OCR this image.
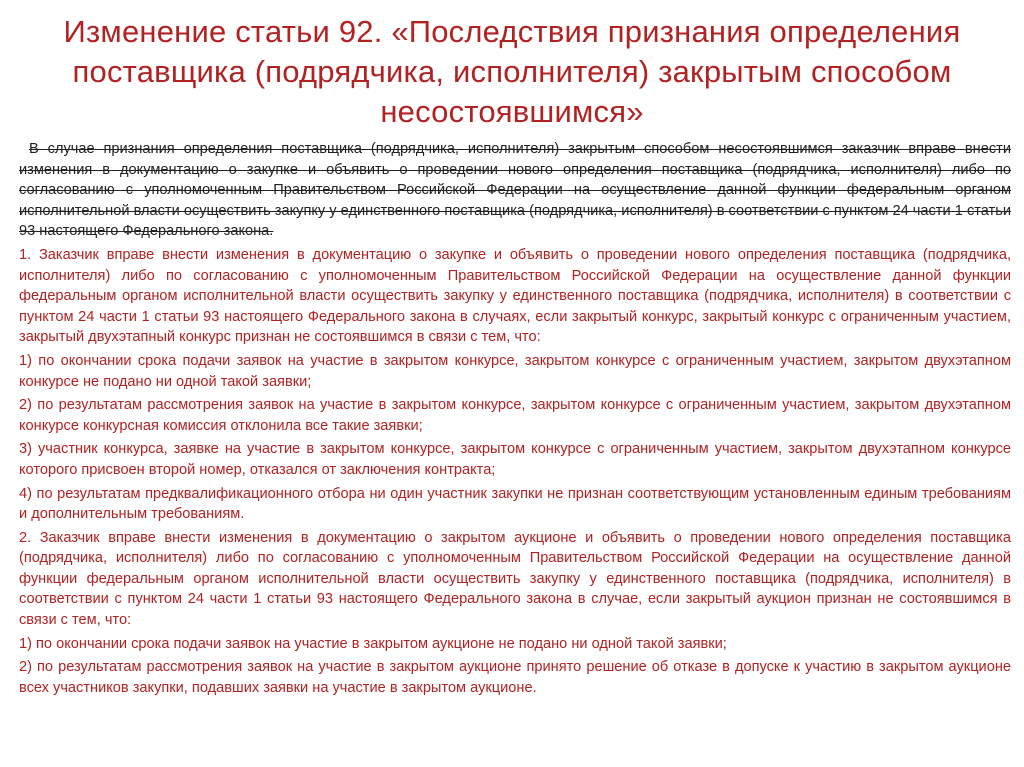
Изменение статьи 92. «Последствия признания определения поставщика (подрядчика, исполнителя) закрытым способом несостоявшимся»

В случае признания определения поставщика (подрядчика, исполнителя) закрытым способом несостоявшимся заказчик вправе внести изменения в документацию о закупке и объявить о проведении нового определения поставщика (подрядчика, исполнителя) либо по согласованию с уполномоченным Правительством Российской Федерации на осуществление данной функции федеральным органом исполнительной власти осуществить закупку у единственного поставщика (подрядчика, исполнителя) в соответствии с пунктом 24 части 1 статьи 93 настоящего Федерального закона.

1. Заказчик вправе внести изменения в документацию о закупке и объявить о проведении нового определения поставщика (подрядчика, исполнителя) либо по согласованию с уполномоченным Правительством Российской Федерации на осуществление данной функции федеральным органом исполнительной власти осуществить закупку у единственного поставщика (подрядчика, исполнителя) в соответствии с пунктом 24 части 1 статьи 93 настоящего Федерального закона в случаях, если закрытый конкурс, закрытый конкурс с ограниченным участием, закрытый двухэтапный конкурс признан не состоявшимся в связи с тем, что:

1) по окончании срока подачи заявок на участие в закрытом конкурсе, закрытом конкурсе с ограниченным участием, закрытом двухэтапном конкурсе не подано ни одной такой заявки;

2) по результатам рассмотрения заявок на участие в закрытом конкурсе, закрытом конкурсе с ограниченным участием, закрытом двухэтапном конкурсе конкурсная комиссия отклонила все такие заявки;

3) участник конкурса, заявке на участие в закрытом конкурсе, закрытом конкурсе с ограниченным участием, закрытом двухэтапном конкурсе которого присвоен второй номер, отказался от заключения контракта;

4) по результатам предквалификационного отбора ни один участник закупки не признан соответствующим установленным единым требованиям и дополнительным требованиям.

2. Заказчик вправе внести изменения в документацию о закрытом аукционе и объявить о проведении нового определения поставщика (подрядчика, исполнителя) либо по согласованию с уполномоченным Правительством Российской Федерации на осуществление данной функции федеральным органом исполнительной власти осуществить закупку у единственного поставщика (подрядчика, исполнителя) в соответствии с пунктом 24 части 1 статьи 93 настоящего Федерального закона в случае, если закрытый аукцион признан не состоявшимся в связи с тем, что:

1) по окончании срока подачи заявок на участие в закрытом аукционе не подано ни одной такой заявки;

2) по результатам рассмотрения заявок на участие в закрытом аукционе принято решение об отказе в допуске к участию в закрытом аукционе всех участников закупки, подавших заявки на участие в закрытом аукционе.
